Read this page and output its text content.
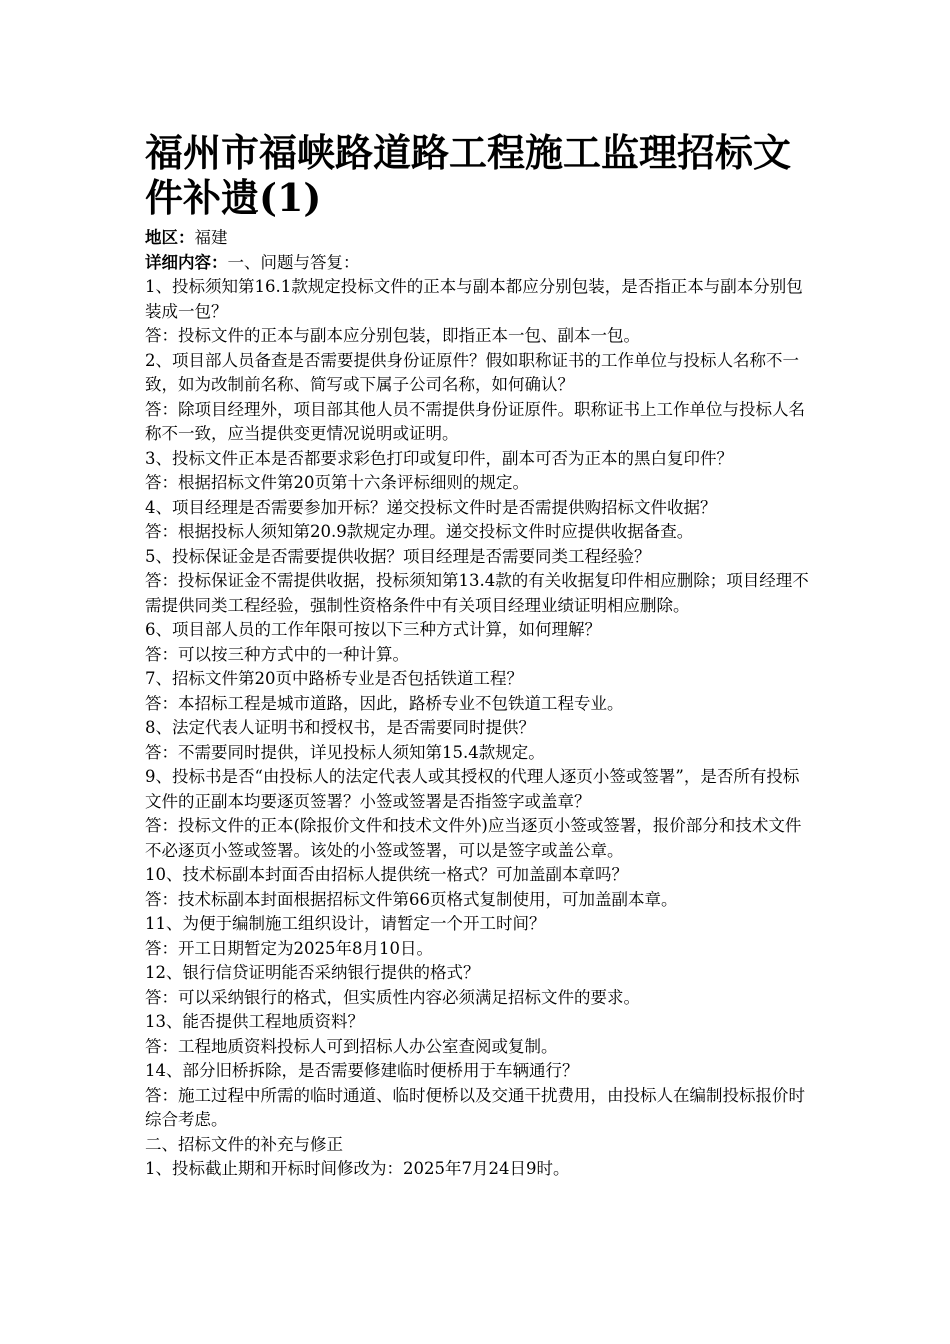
福州市福峡路道路工程施工监理招标文件补遗(1)

地区：福建

详细内容：一、问题与答复：

1、投标须知第16.1款规定投标文件的正本与副本都应分别包装，是否指正本与副本分别包装成一包？

答：投标文件的正本与副本应分别包装，即指正本一包、副本一包。

2、项目部人员备查是否需要提供身份证原件？假如职称证书的工作单位与投标人名称不一致，如为改制前名称、简写或下属子公司名称，如何确认？

答：除项目经理外，项目部其他人员不需提供身份证原件。职称证书上工作单位与投标人名称不一致，应当提供变更情况说明或证明。

3、投标文件正本是否都要求彩色打印或复印件，副本可否为正本的黑白复印件？

答：根据招标文件第20页第十六条评标细则的规定。

4、项目经理是否需要参加开标？递交投标文件时是否需提供购招标文件收据？

答：根据投标人须知第20.9款规定办理。递交投标文件时应提供收据备查。

5、投标保证金是否需要提供收据？项目经理是否需要同类工程经验？

答：投标保证金不需提供收据，投标须知第13.4款的有关收据复印件相应删除；项目经理不需提供同类工程经验，强制性资格条件中有关项目经理业绩证明相应删除。

6、项目部人员的工作年限可按以下三种方式计算，如何理解？

答：可以按三种方式中的一种计算。

7、招标文件第20页中路桥专业是否包括铁道工程？

答：本招标工程是城市道路，因此，路桥专业不包铁道工程专业。

8、法定代表人证明书和授权书，是否需要同时提供？

答：不需要同时提供，详见投标人须知第15.4款规定。

9、投标书是否“由投标人的法定代表人或其授权的代理人逐页小签或签署”，是否所有投标文件的正副本均要逐页签署？小签或签署是否指签字或盖章？

答：投标文件的正本(除报价文件和技术文件外)应当逐页小签或签署，报价部分和技术文件不必逐页小签或签署。该处的小签或签署，可以是签字或盖公章。

10、技术标副本封面否由招标人提供统一格式？可加盖副本章吗？

答：技术标副本封面根据招标文件第66页格式复制使用，可加盖副本章。

11、为便于编制施工组织设计，请暂定一个开工时间？

答：开工日期暂定为2025年8月10日。

12、银行信贷证明能否采纳银行提供的格式？

答：可以采纳银行的格式，但实质性内容必须满足招标文件的要求。

13、能否提供工程地质资料？

答：工程地质资料投标人可到招标人办公室查阅或复制。

14、部分旧桥拆除，是否需要修建临时便桥用于车辆通行？

答：施工过程中所需的临时通道、临时便桥以及交通干扰费用，由投标人在编制投标报价时综合考虑。

二、招标文件的补充与修正

1、投标截止期和开标时间修改为：2025年7月24日9时。
